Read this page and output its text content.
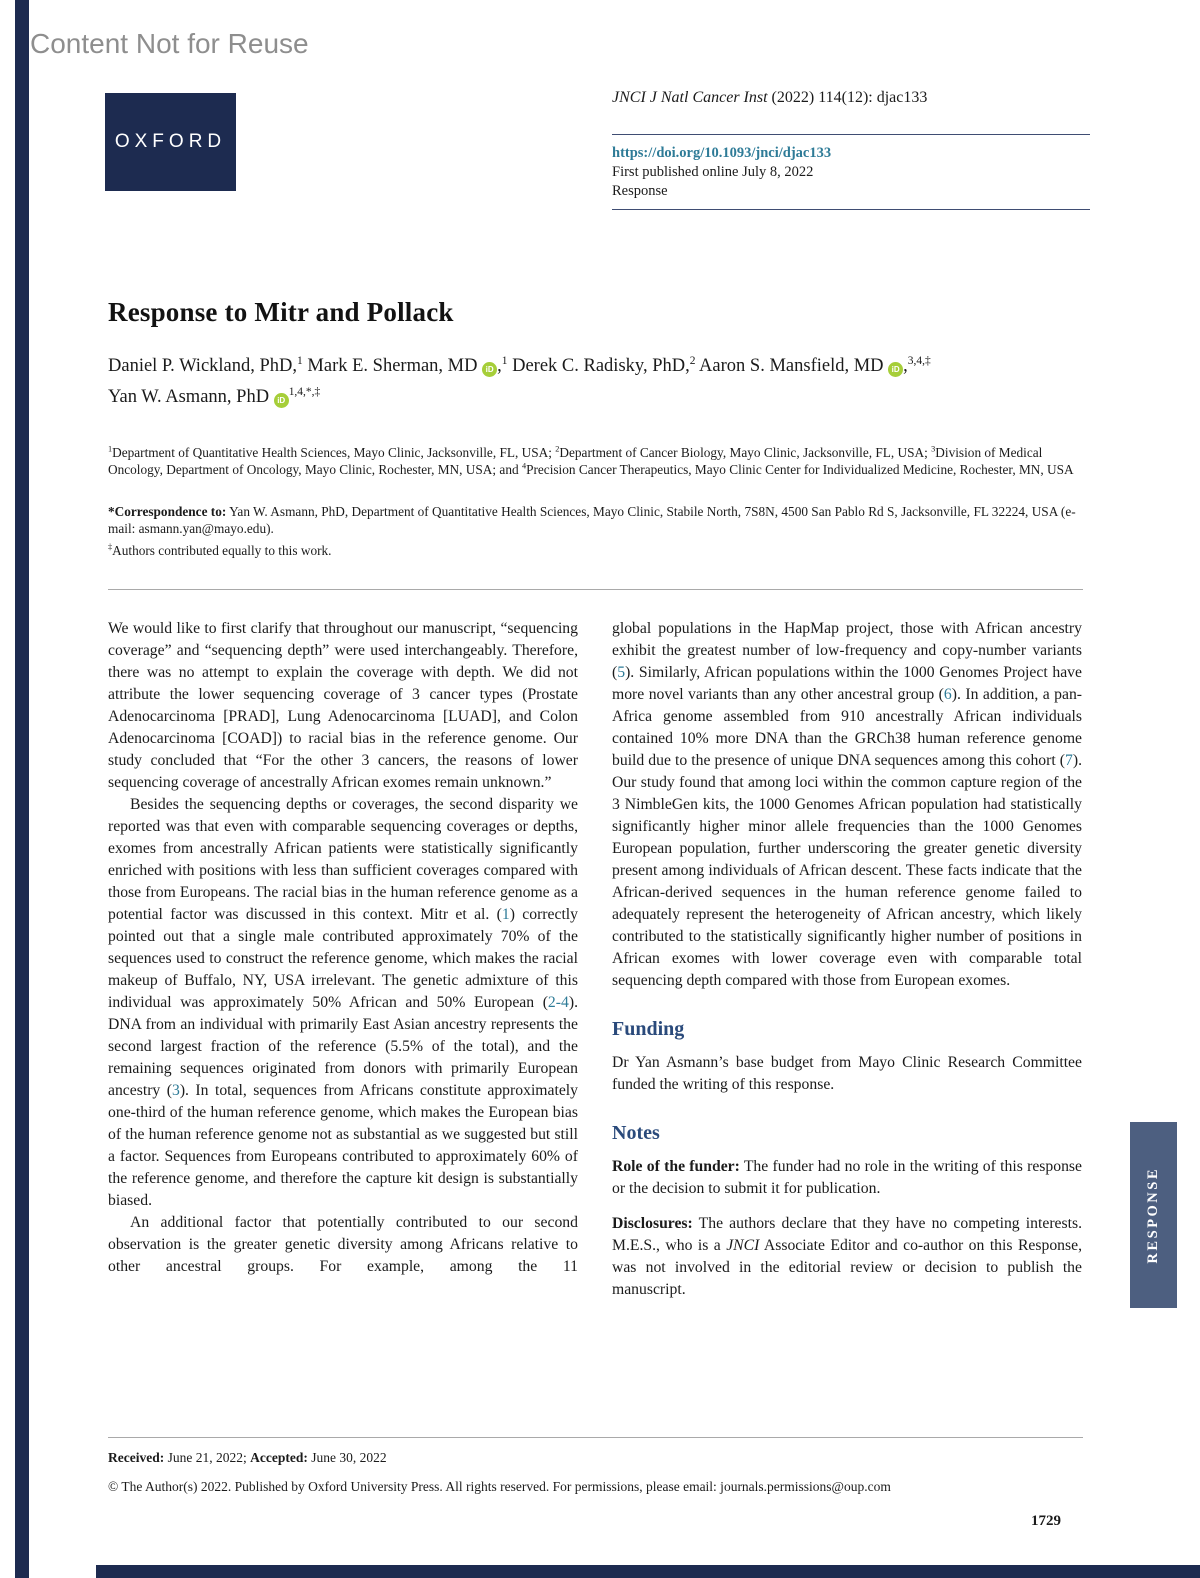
Content Not for Reuse
OXFORD
JNCI J Natl Cancer Inst (2022) 114(12): djac133
https://doi.org/10.1093/jnci/djac133
First published online July 8, 2022
Response
Response to Mitr and Pollack
Daniel P. Wickland, PhD,$^1$ Mark E. Sherman, MD iD ,$^1$ Derek C. Radisky, PhD,$^2$ Aaron S. Mansfield, MD iD ,$^{3,4,\ddagger}$
Yan W. Asmann, PhD $iD^{1,4,*,\ddagger}$
$^1$Department of Quantitative Health Sciences, Mayo Clinic, Jacksonville, FL, USA; $^2$Department of Cancer Biology, Mayo Clinic, Jacksonville, FL, USA; $^3$Division of Medical Oncology, Department of Oncology, Mayo Clinic, Rochester, MN, USA; and $^4$Precision Cancer Therapeutics, Mayo Clinic Center for Individualized Medicine, Rochester, MN, USA
*Correspondence to: Yan W. Asmann, PhD, Department of Quantitative Health Sciences, Mayo Clinic, Stabile North, 7S8N, 4500 San Pablo Rd S, Jacksonville, FL 32224, USA (e-mail: asmann.yan@mayo.edu).
‡Authors contributed equally to this work.

We would like to first clarify that throughout our manuscript, “sequencing coverage” and “sequencing depth” were used interchangeably. Therefore, there was no attempt to explain the coverage with depth. We did not attribute the lower sequencing coverage of 3 cancer types (Prostate Adenocarcinoma [PRAD], Lung Adenocarcinoma [LUAD], and Colon Adenocarcinoma [COAD]) to racial bias in the reference genome. Our study concluded that “For the other 3 cancers, the reasons of lower sequencing coverage of ancestrally African exomes remain unknown.”

Besides the sequencing depths or coverages, the second disparity we reported was that even with comparable sequencing coverages or depths, exomes from ancestrally African patients were statistically significantly enriched with positions with less than sufficient coverages compared with those from Europeans. The racial bias in the human reference genome as a potential factor was discussed in this context. Mitr et al. (1) correctly pointed out that a single male contributed approximately 70% of the sequences used to construct the reference genome, which makes the racial makeup of Buffalo, NY, USA irrelevant. The genetic admixture of this individual was approximately 50% African and 50% European (2-4). DNA from an individual with primarily East Asian ancestry represents the second largest fraction of the reference (5.5% of the total), and the remaining sequences originated from donors with primarily European ancestry (3). In total, sequences from Africans constitute approximately one-third of the human reference genome, which makes the European bias of the human reference genome not as substantial as we suggested but still a factor. Sequences from Europeans contributed to approximately 60% of the reference genome, and therefore the capture kit design is substantially biased.

An additional factor that potentially contributed to our second observation is the greater genetic diversity among Africans relative to other ancestral groups. For example, among the 11

global populations in the HapMap project, those with African ancestry exhibit the greatest number of low-frequency and copy-number variants (5). Similarly, African populations within the 1000 Genomes Project have more novel variants than any other ancestral group (6). In addition, a pan-Africa genome assembled from 910 ancestrally African individuals contained 10% more DNA than the GRCh38 human reference genome build due to the presence of unique DNA sequences among this cohort (7). Our study found that among loci within the common capture region of the 3 NimbleGen kits, the 1000 Genomes African population had statistically significantly higher minor allele frequencies than the 1000 Genomes European population, further underscoring the greater genetic diversity present among individuals of African descent. These facts indicate that the African-derived sequences in the human reference genome failed to adequately represent the heterogeneity of African ancestry, which likely contributed to the statistically significantly higher number of positions in African exomes with lower coverage even with comparable total sequencing depth compared with those from European exomes.

Funding

Dr Yan Asmann’s base budget from Mayo Clinic Research Committee funded the writing of this response.

Notes

Role of the funder: The funder had no role in the writing of this response or the decision to submit it for publication.

Disclosures: The authors declare that they have no competing interests. M.E.S., who is a JNCI Associate Editor and co-author on this Response, was not involved in the editorial review or decision to publish the manuscript.

RESPONSE
Received: June 21, 2022; Accepted: June 30, 2022
© The Author(s) 2022. Published by Oxford University Press. All rights reserved. For permissions, please email: journals.permissions@oup.com
1729
